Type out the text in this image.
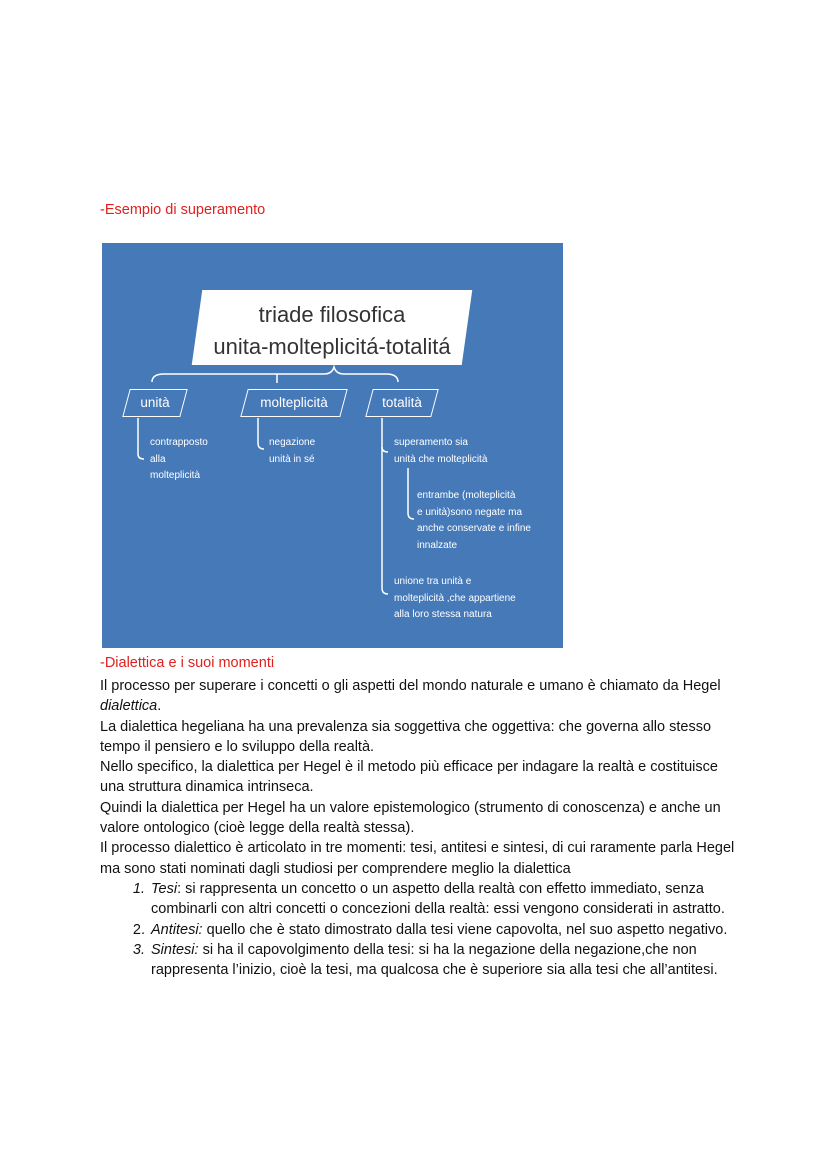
-Esempio di superamento
triade filosofica
unita-molteplicitá-totalitá
unità	molteplicità	totalità
contrapposto
alla
molteplicità
negazione
unità in sé
superamento sia
unità che molteplicità
entrambe (molteplicità
e unità)sono negate ma
anche conservate e infine
innalzate
unione tra unità e
molteplicità ,che appartiene
alla loro stessa natura
-Dialettica e i suoi momenti

Il processo per superare i concetti o gli aspetti del mondo naturale e umano è chiamato da Hegel dialettica.

La dialettica hegeliana ha una prevalenza sia soggettiva che oggettiva: che governa allo stesso tempo il pensiero e lo sviluppo della realtà.

Nello specifico, la dialettica per Hegel è il metodo più efficace per indagare la realtà e costituisce una struttura dinamica intrinseca.

Quindi la dialettica per Hegel ha un valore epistemologico (strumento di conoscenza) e anche un valore ontologico (cioè legge della realtà stessa).

Il processo dialettico è articolato in tre momenti: tesi, antitesi e sintesi, di cui raramente parla Hegel ma sono stati nominati dagli studiosi per comprendere meglio la dialettica

1. Tesi: si rappresenta un concetto o un aspetto della realtà con effetto immediato, senza combinarli con altri concetti o concezioni della realtà: essi vengono considerati in astratto.
2. Antitesi: quello che è stato dimostrato dalla tesi viene capovolta, nel suo aspetto negativo.
3. Sintesi: si ha il capovolgimento della tesi: si ha la negazione della negazione,che non rappresenta l’inizio, cioè la tesi, ma qualcosa che è superiore sia alla tesi che all’antitesi.
